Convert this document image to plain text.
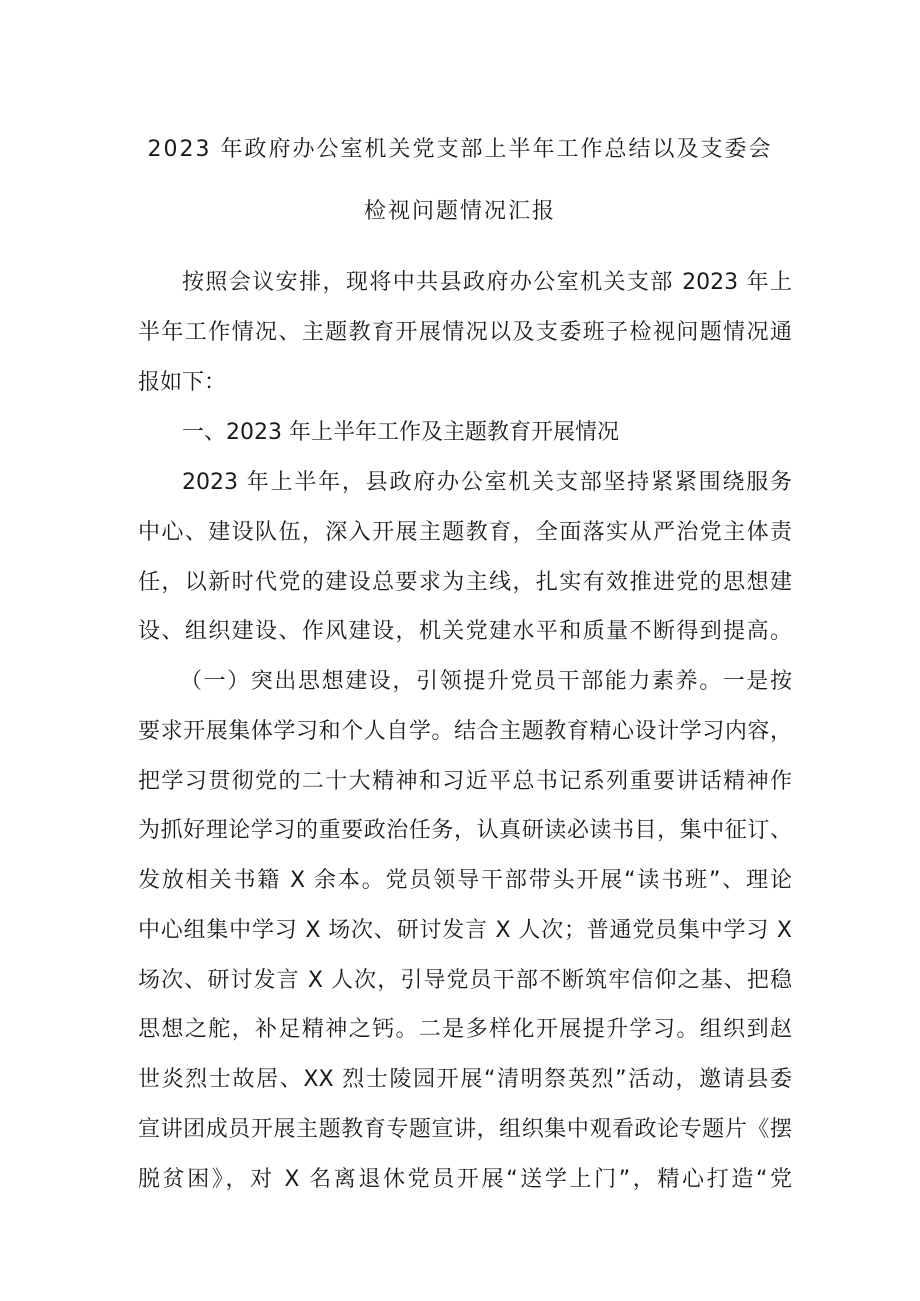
2023 年政府办公室机关党支部上半年工作总结以及支委会
检视问题情况汇报
按照会议安排，现将中共县政府办公室机关支部 2023 年上
半年工作情况、主题教育开展情况以及支委班子检视问题情况通
报如下：
一、2023 年上半年工作及主题教育开展情况
2023 年上半年，县政府办公室机关支部坚持紧紧围绕服务
中心、建设队伍，深入开展主题教育，全面落实从严治党主体责
任，以新时代党的建设总要求为主线，扎实有效推进党的思想建
设、组织建设、作风建设，机关党建水平和质量不断得到提高。
（一）突出思想建设，引领提升党员干部能力素养。一是按
要求开展集体学习和个人自学。结合主题教育精心设计学习内容，
把学习贯彻党的二十大精神和习近平总书记系列重要讲话精神作
为抓好理论学习的重要政治任务，认真研读必读书目，集中征订、
发放相关书籍 X 余本。党员领导干部带头开展“读书班”、理论
中心组集中学习 X 场次、研讨发言 X 人次；普通党员集中学习 X
场次、研讨发言 X 人次，引导党员干部不断筑牢信仰之基、把稳
思想之舵，补足精神之钙。二是多样化开展提升学习。组织到赵
世炎烈士故居、XX 烈士陵园开展“清明祭英烈”活动，邀请县委
宣讲团成员开展主题教育专题宣讲，组织集中观看政论专题片《摆
脱贫困》，对 X 名离退休党员开展“送学上门”，精心打造“党
